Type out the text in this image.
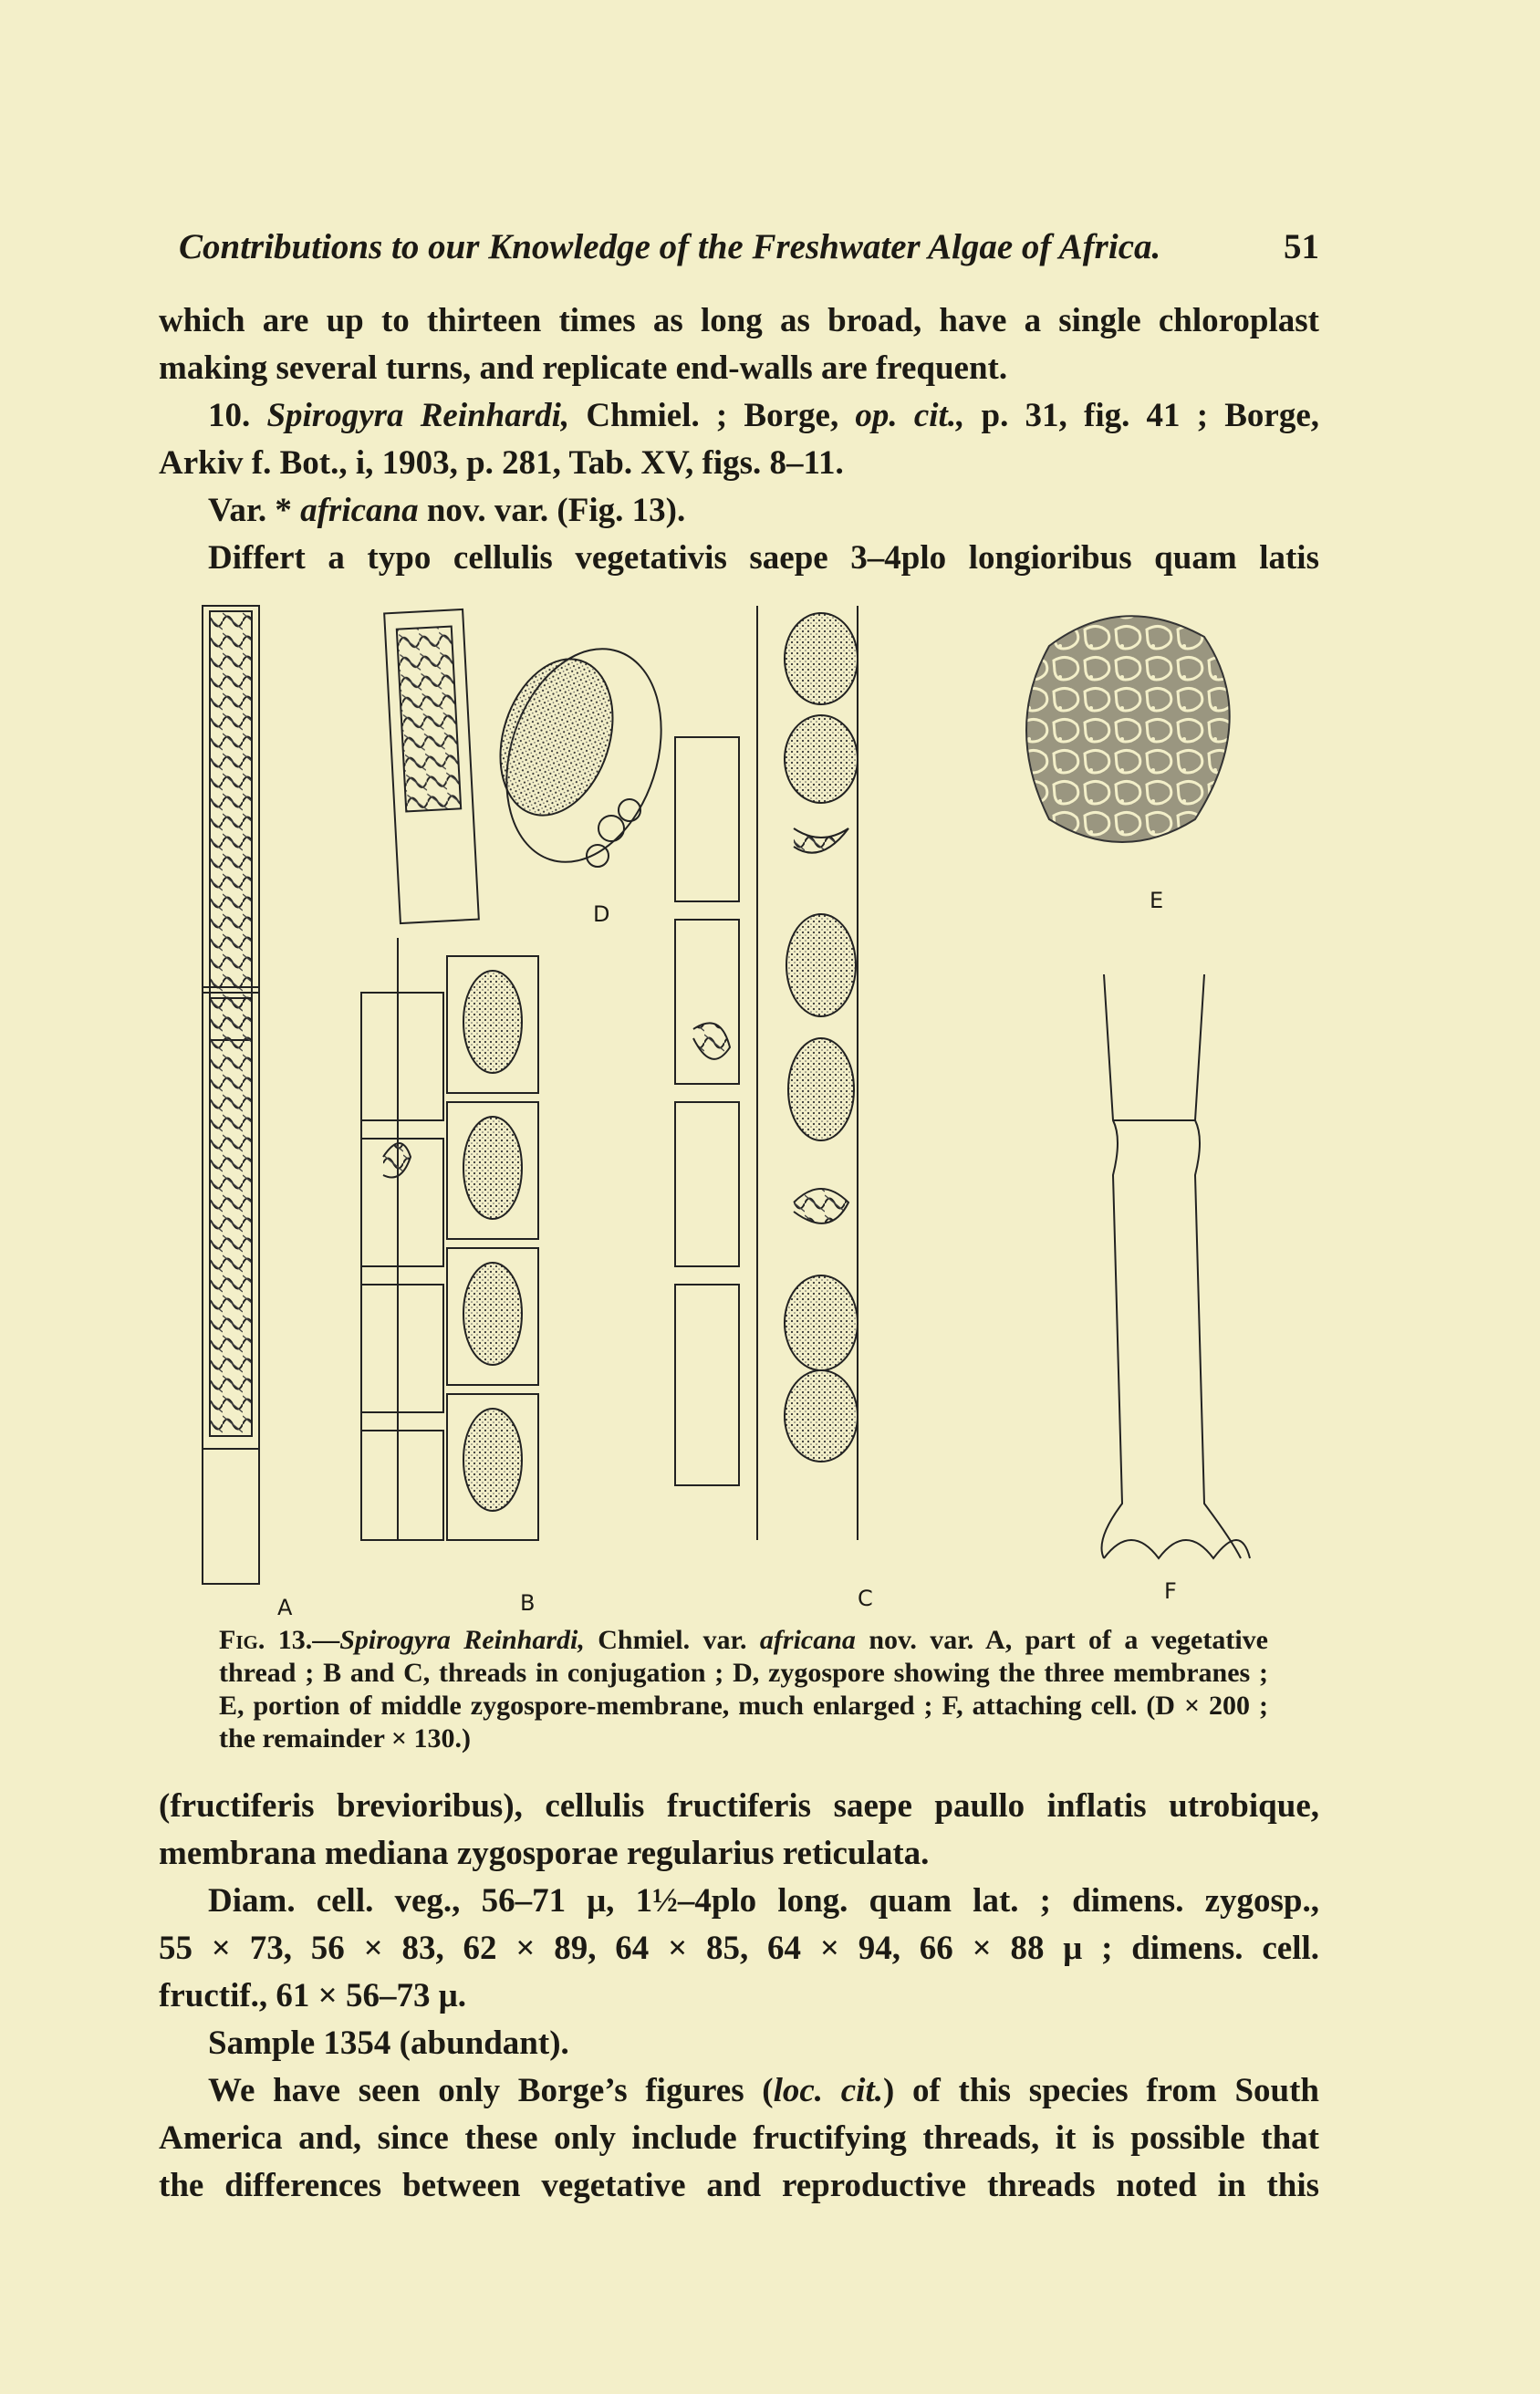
Contributions to our Knowledge of the Freshwater Algae of Africa.	51

which are up to thirteen times as long as broad, have a single chloroplast

making several turns, and replicate end-walls are frequent.

10. Spirogyra Reinhardi, Chmiel. ; Borge, op. cit., p. 31, fig. 41 ; Borge,

Arkiv f. Bot., i, 1903, p. 281, Tab. XV, figs. 8–11.

Var. * africana nov. var. (Fig. 13).

Differt a typo cellulis vegetativis saepe 3–4plo longioribus quam latis

A	B	C
D
E
F
Fig. 13.—Spirogyra Reinhardi, Chmiel. var. africana nov. var. A, part of a vegetative thread ; B and C, threads in conjugation ; D, zygospore showing the three membranes ; E, portion of middle zygospore-membrane, much enlarged ; F, attaching cell. (D × 200 ; the remainder × 130.)

(fructiferis brevioribus), cellulis fructiferis saepe paullo inflatis utrobique,

membrana mediana zygosporae regularius reticulata.

Diam. cell. veg., 56–71 μ, 1½–4plo long. quam lat. ; dimens. zygosp.,

55 × 73, 56 × 83, 62 × 89, 64 × 85, 64 × 94, 66 × 88 μ ; dimens. cell.

fructif., 61 × 56–73 μ.

Sample 1354 (abundant).

We have seen only Borge’s figures (loc. cit.) of this species from South

America and, since these only include fructifying threads, it is possible that

the differences between vegetative and reproductive threads noted in this
